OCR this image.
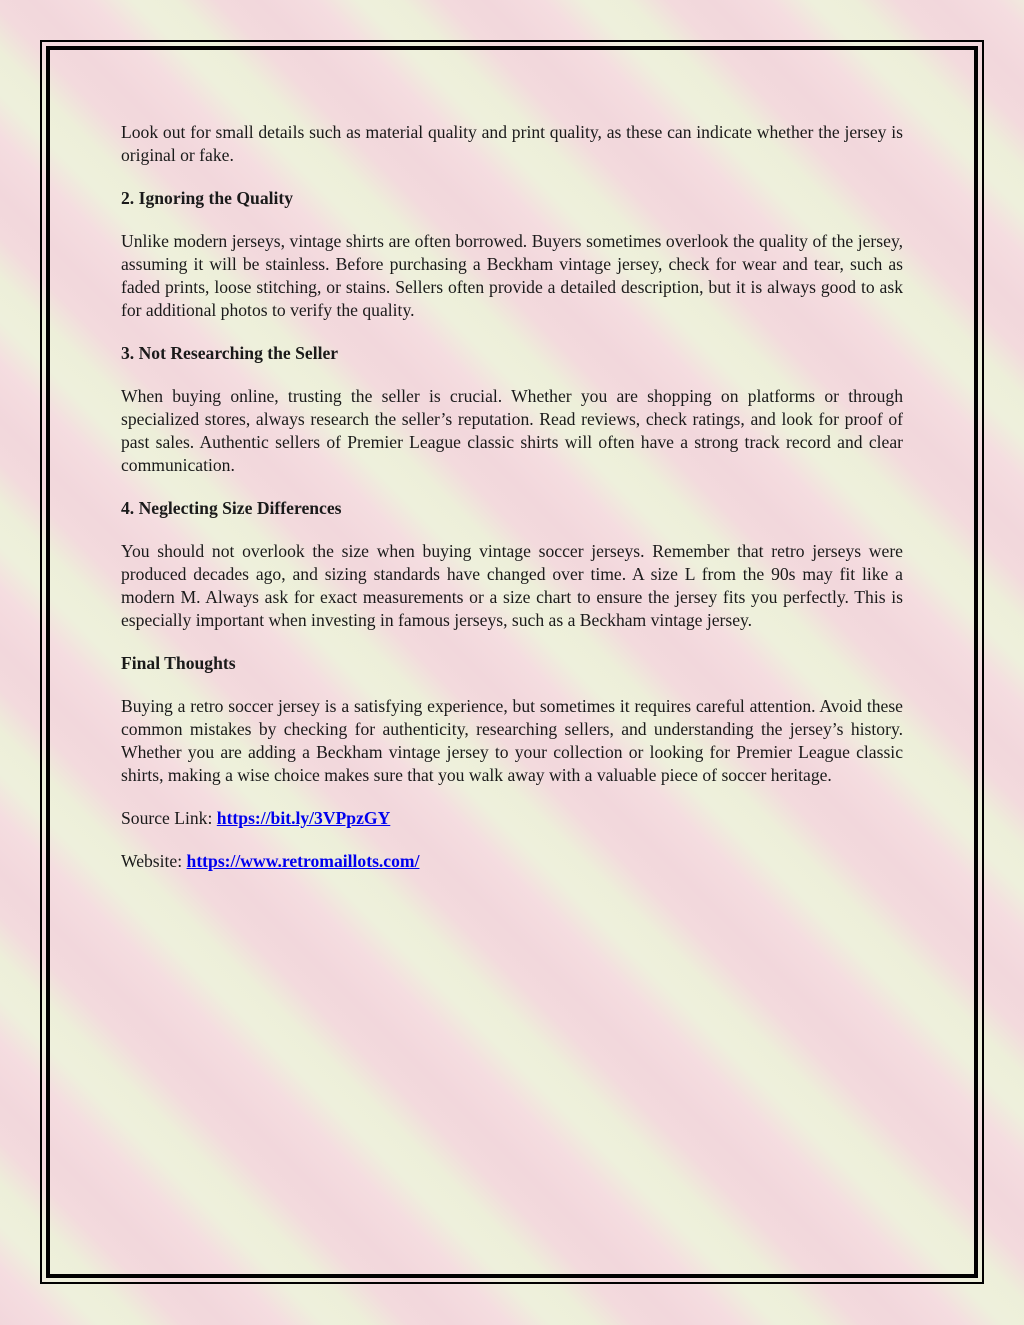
Look out for small details such as material quality and print quality, as these can indicate whether the jersey is original or fake.

2. Ignoring the Quality

Unlike modern jerseys, vintage shirts are often borrowed. Buyers sometimes overlook the quality of the jersey, assuming it will be stainless. Before purchasing a Beckham vintage jersey, check for wear and tear, such as faded prints, loose stitching, or stains. Sellers often provide a detailed description, but it is always good to ask for additional photos to verify the quality.

3. Not Researching the Seller

When buying online, trusting the seller is crucial. Whether you are shopping on platforms or through specialized stores, always research the seller’s reputation. Read reviews, check ratings, and look for proof of past sales. Authentic sellers of Premier League classic shirts will often have a strong track record and clear communication.

4. Neglecting Size Differences

You should not overlook the size when buying vintage soccer jerseys. Remember that retro jerseys were produced decades ago, and sizing standards have changed over time. A size L from the 90s may fit like a modern M. Always ask for exact measurements or a size chart to ensure the jersey fits you perfectly. This is especially important when investing in famous jerseys, such as a Beckham vintage jersey.

Final Thoughts

Buying a retro soccer jersey is a satisfying experience, but sometimes it requires careful attention. Avoid these common mistakes by checking for authenticity, researching sellers, and understanding the jersey’s history. Whether you are adding a Beckham vintage jersey to your collection or looking for Premier League classic shirts, making a wise choice makes sure that you walk away with a valuable piece of soccer heritage.

Source Link: https://bit.ly/3VPpzGY

Website: https://www.retromaillots.com/
